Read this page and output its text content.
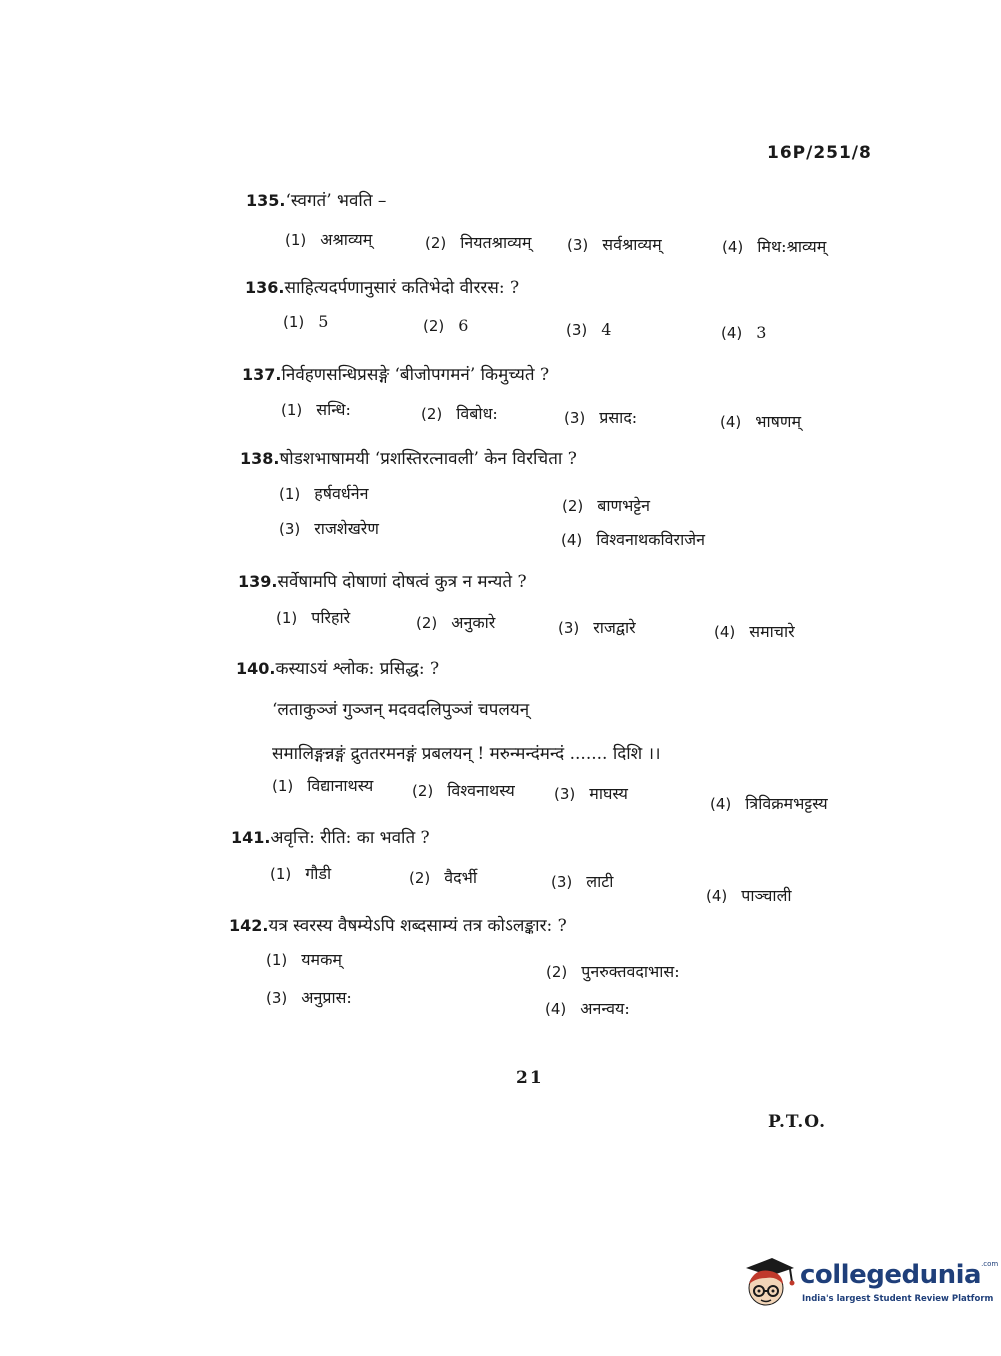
16P/251/8
135.‘स्वगतं’ भवति –
(1) अश्राव्यम्	(2) नियतश्राव्यम् (3) सर्वश्राव्यम्	(4) मिथ:श्राव्यम्
136.साहित्यदर्पणानुसारं कतिभेदो वीररस: ?
(1) 5	(2) 6	(3) 4	(4) 3
137.निर्वहणसन्धिप्रसङ्गे ‘बीजोपगमनं’ किमुच्यते ?
(1) सन्धि:	(2) विबोध:	(3) प्रसाद:	(4) भाषणम्
138.षोडशभाषामयी ‘प्रशस्तिरत्नावली’ केन विरचिता ?
(1) हर्षवर्धनेन
(2) बाणभट्टेन
(3) राजशेखरेण
(4) विश्वनाथकविराजेन
139.सर्वेषामपि दोषाणां दोषत्वं कुत्र न मन्यते ?
(1) परिहारे	(2) अनुकारे	(3) राजद्वारे	(4) समाचारे
140.कस्याऽयं श्लोक: प्रसिद्ध: ?
‘लताकुञ्जं गुञ्जन् मदवदलिपुञ्जं चपलयन्
समालिङ्गन्नङ्गं द्रुततरमनङ्गं प्रबलयन् ! मरुन्मन्दंमन्दं ....... दिशि ।।
(1) विद्यानाथस्य	(2) विश्वनाथस्य	(3) माघस्य
(4) त्रिविक्रमभट्टस्य
141.अवृत्ति: रीति: का भवति ?
(1) गौडी	(2) वैदर्भी	(3) लाटी
(4) पाञ्चाली
142.यत्र स्वरस्य वैषम्येऽपि शब्दसाम्यं तत्र कोऽलङ्कार: ?
(1) यमकम्
(2) पुनरुक्तवदाभास:
(3) अनुप्रास:
(4) अनन्वय:
21
P.T.O.
collegedunia$^{.com}$
India's largest Student Review Platform
